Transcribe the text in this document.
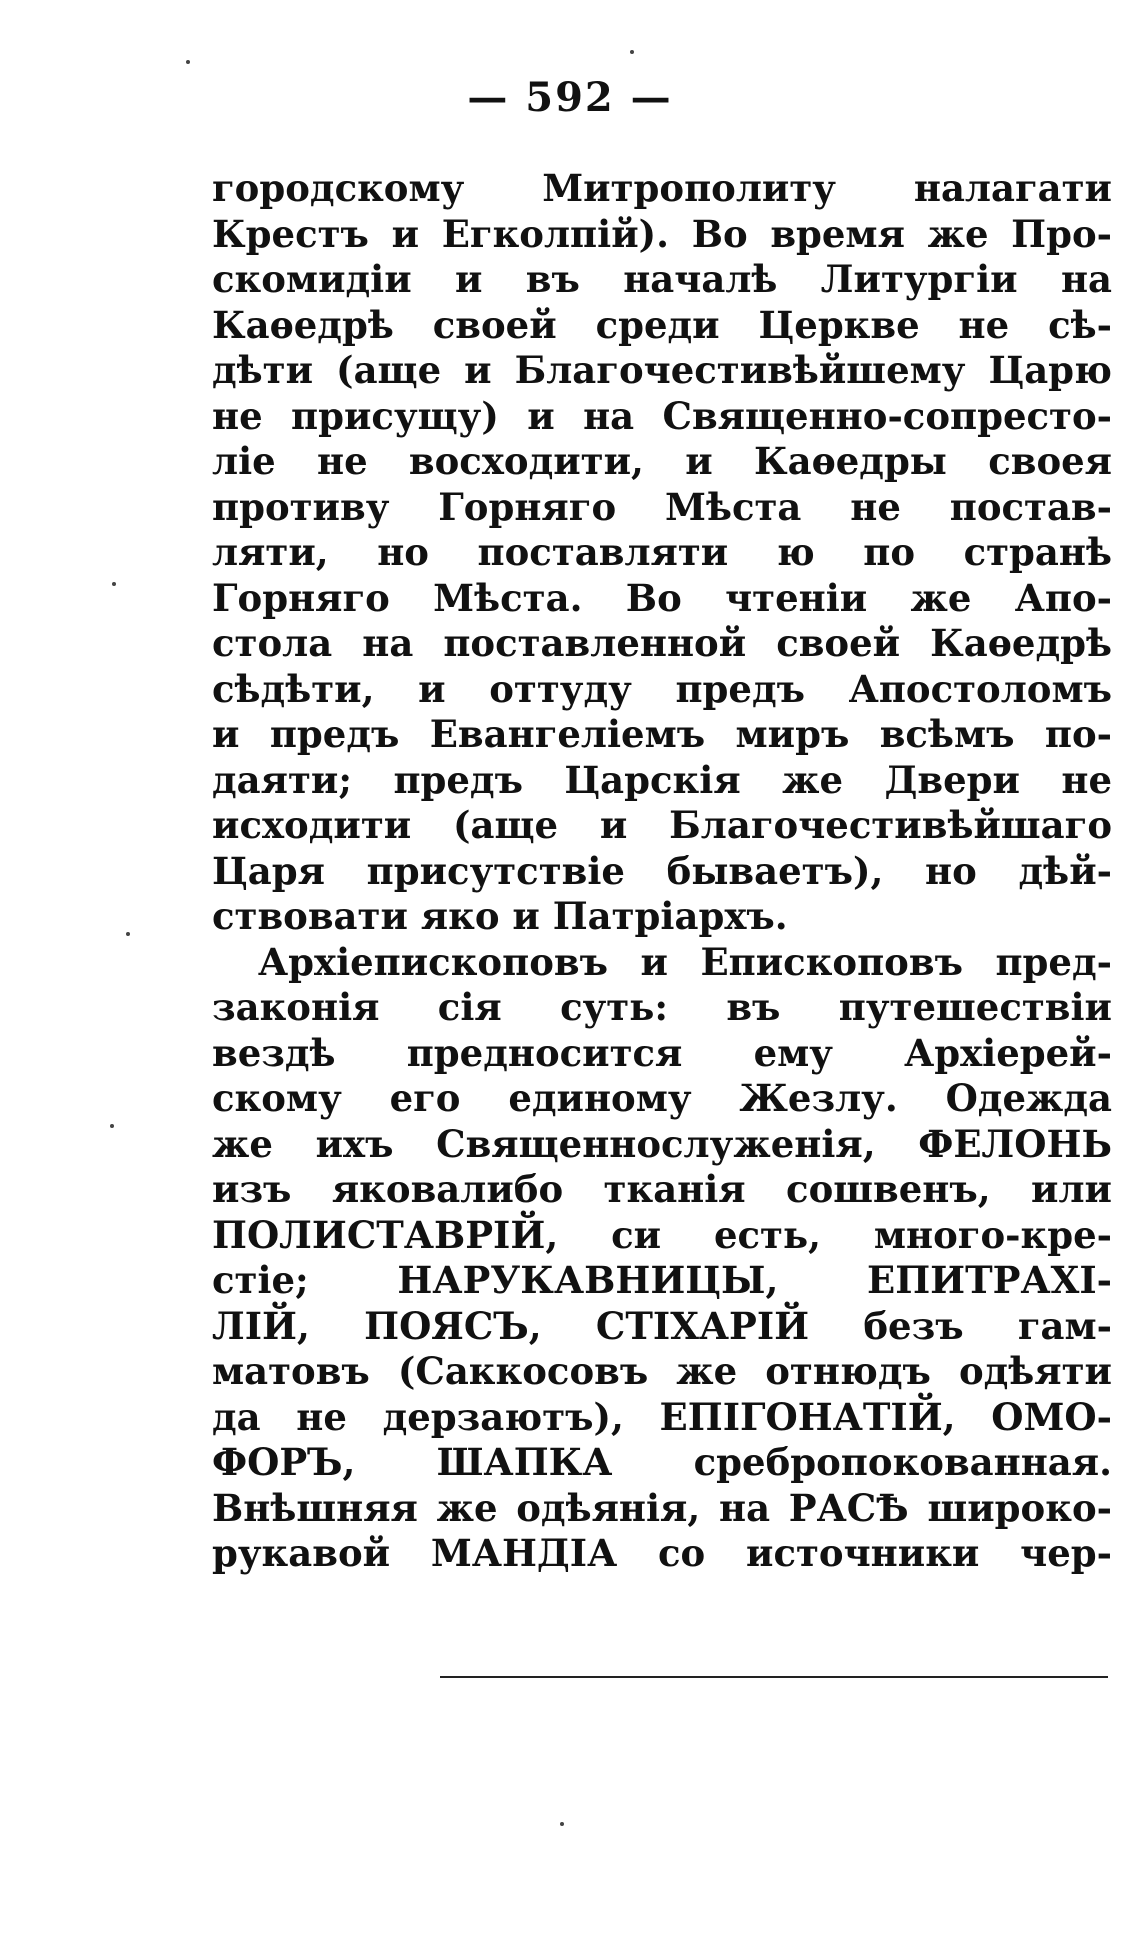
— 592 —
городскому Митрополиту налагати
Крестъ и Егколпій). Во время же Про-
скомидіи и въ началѣ Литургіи на
Каѳедрѣ своей среди Церкве не сѣ-
дѣти (аще и Благочестивѣйшему Царю
не присущу) и на Священно-сопресто-
ліе не восходити, и Каѳедры своея
противу Горняго Мѣста не постав-
ляти, но поставляти ю по странѣ
Горняго Мѣста. Во чтеніи же Апо-
стола на поставленной своей Каѳедрѣ
сѣдѣти, и оттуду предъ Апостоломъ
и предъ Евангеліемъ миръ всѣмъ по-
даяти; предъ Царскія же Двери не
исходити (аще и Благочестивѣйшаго
Царя присутствіе бываетъ), но дѣй-
ствовати яко и Патріархъ.
Архіепископовъ и Епископовъ пред-
законія сія суть: въ путешествіи
вездѣ предносится ему Архіерей-
скому его единому Жезлу. Одежда
же ихъ Священнослуженія, ФЕЛОНЬ
изъ яковалибо тканія сошвенъ, или
ПОЛИСТАВРІЙ, си есть, много-кре-
стіе; НАРУКАВНИЦЫ, ЕПИТРАХІ-
ЛІЙ, ПОЯСЪ, СТІХАРІЙ безъ гам-
матовъ (Саккосовъ же отнюдъ одѣяти
да не дерзаютъ), ЕПІГОНАТІЙ, ОМО-
ФОРЪ, ШАПКА сребропокованная.
Внѣшняя же одѣянія, на РАСѢ широко-
рукавой МАНДІА со источники чер-
